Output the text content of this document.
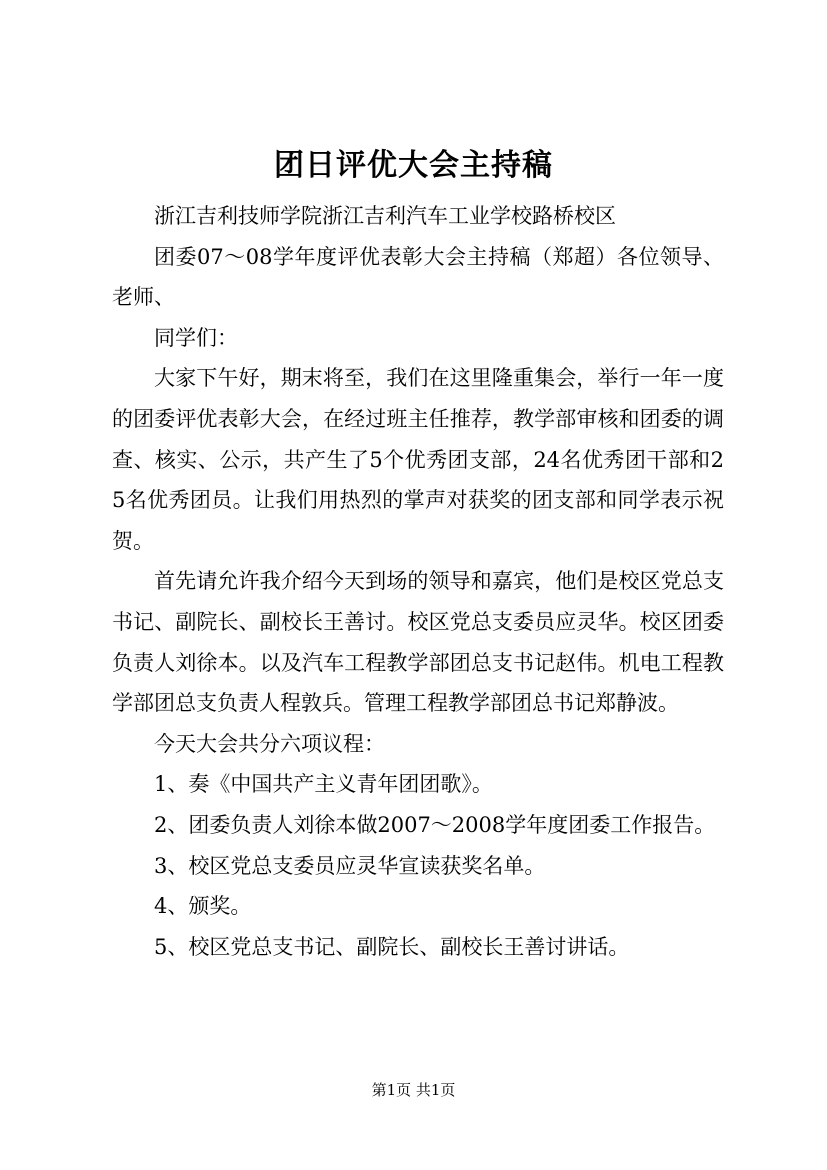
团日评优大会主持稿

浙江吉利技师学院浙江吉利汽车工业学校路桥校区

团委07～08学年度评优表彰大会主持稿（郑超）各位领导、老师、

同学们：

大家下午好，期末将至，我们在这里隆重集会，举行一年一度的团委评优表彰大会，在经过班主任推荐，教学部审核和团委的调查、核实、公示，共产生了5个优秀团支部，24名优秀团干部和25名优秀团员。让我们用热烈的掌声对获奖的团支部和同学表示祝贺。

首先请允许我介绍今天到场的领导和嘉宾，他们是校区党总支书记、副院长、副校长王善讨。校区党总支委员应灵华。校区团委负责人刘徐本。以及汽车工程教学部团总支书记赵伟。机电工程教学部团总支负责人程敦兵。管理工程教学部团总书记郑静波。

今天大会共分六项议程：

1、奏《中国共产主义青年团团歌》。

2、团委负责人刘徐本做2007～2008学年度团委工作报告。

3、校区党总支委员应灵华宣读获奖名单。

4、颁奖。

5、校区党总支书记、副院长、副校长王善讨讲话。

第1页 共1页
